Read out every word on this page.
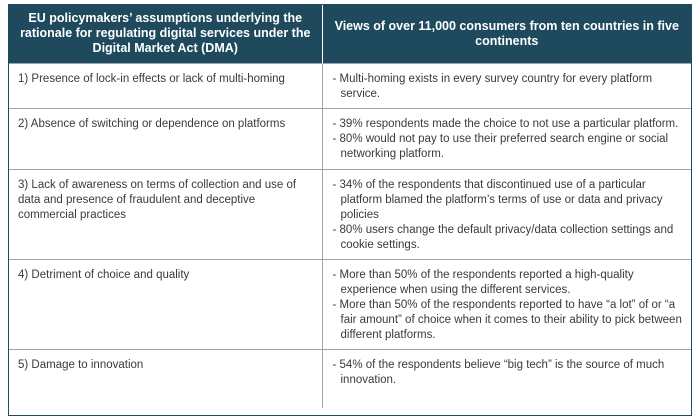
EU policymakers’ assumptions underlying the rationale for regulating digital services under the Digital Market Act (DMA)	Views of over 11,000 consumers from ten countries in five continents
1) Presence of lock-in effects or lack of multi-homing	- Multi-homing exists in every survey country for every platform service.

2) Absence of switching or dependence on platforms	- 39% respondents made the choice to not use a particular platform.
- 80% would not pay to use their preferred search engine or social networking platform.

3) Lack of awareness on terms of collection and use of data and presence of fraudulent and deceptive commercial practices	- 34% of the respondents that discontinued use of a particular platform blamed the platform’s terms of use or data and privacy policies
- 80% users change the default privacy/data collection settings and cookie settings.

4) Detriment of choice and quality	- More than 50% of the respondents reported a high-quality experience when using the different services.
- More than 50% of the respondents reported to have “a lot” of or “a fair amount” of choice when it comes to their ability to pick between different platforms.

5) Damage to innovation	- 54% of the respondents believe “big tech” is the source of much innovation.
